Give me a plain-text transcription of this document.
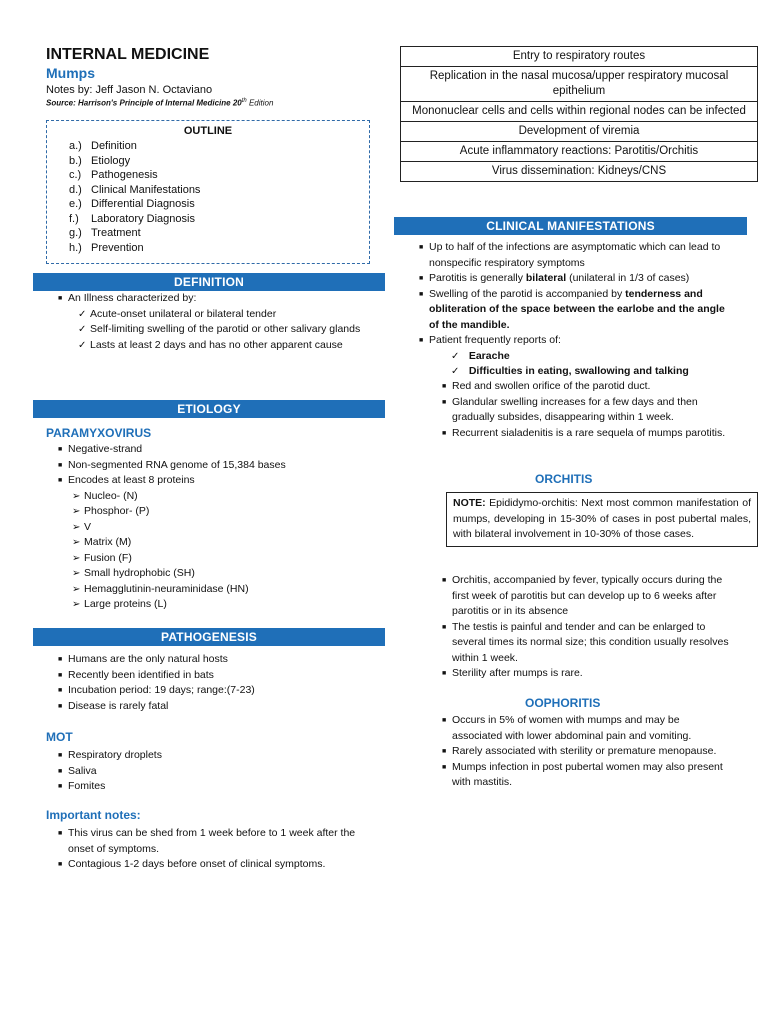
INTERNAL MEDICINE
Mumps

Notes by: Jeff Jason N. Octaviano

Source: Harrison's Principle of Internal Medicine 20th Edition

OUTLINE
a.) Definition
b.) Etiology
c.) Pathogenesis
d.) Clinical Manifestations
e.) Differential Diagnosis
f.)	Laboratory Diagnosis
g.) Treatment
h.) Prevention
DEFINITION
■ An Illness characterized by:
✓ Acute-onset unilateral or bilateral tender
✓ Self-limiting swelling of the parotid or other salivary glands
✓ Lasts at least 2 days and has no other apparent cause
ETIOLOGY
PARAMYXOVIRUS
■ Negative-strand
■ Non-segmented RNA genome of 15,384 bases
■ Encodes at least 8 proteins
➢ Nucleo- (N)
➢ Phosphor- (P)
➢ V
➢ Matrix (M)
➢ Fusion (F)
➢ Small hydrophobic (SH)
➢ Hemagglutinin-neuraminidase (HN)
➢ Large proteins (L)
PATHOGENESIS
■ Humans are the only natural hosts
■ Recently been identified in bats
■ Incubation period: 19 days; range:(7-23)
■ Disease is rarely fatal
MOT
■ Respiratory droplets
■ Saliva
■ Fomites
Important notes:
■ This virus can be shed from 1 week before to 1 week after the onset of symptoms.
■ Contagious 1-2 days before onset of clinical symptoms.
Entry to respiratory routes
Replication in the nasal mucosa/upper respiratory mucosal epithelium
Mononuclear cells and cells within regional nodes can be infected
Development of viremia
Acute inflammatory reactions: Parotitis/Orchitis
Virus dissemination: Kidneys/CNS
CLINICAL MANIFESTATIONS
■ Up to half of the infections are asymptomatic which can lead to nonspecific respiratory symptoms
■ Parotitis is generally bilateral (unilateral in 1/3 of cases)
■ Swelling of the parotid is accompanied by tenderness and obliteration of the space between the earlobe and the angle of the mandible.
■ Patient frequently reports of:
✓ Earache
✓ Difficulties in eating, swallowing and talking
■ Red and swollen orifice of the parotid duct.
■ Glandular swelling increases for a few days and then gradually subsides, disappearing within 1 week.
■ Recurrent sialadenitis is a rare sequela of mumps parotitis.
ORCHITIS
NOTE: Epididymo-orchitis: Next most common manifestation of mumps, developing in 15-30% of cases in post pubertal males, with bilateral involvement in 10-30% of those cases.
■ Orchitis, accompanied by fever, typically occurs during the first week of parotitis but can develop up to 6 weeks after parotitis or in its absence
■ The testis is painful and tender and can be enlarged to several times its normal size; this condition usually resolves within 1 week.
■ Sterility after mumps is rare.
OOPHORITIS
■ Occurs in 5% of women with mumps and may be associated with lower abdominal pain and vomiting.
■ Rarely associated with sterility or premature menopause.
■ Mumps infection in post pubertal women may also present with mastitis.
